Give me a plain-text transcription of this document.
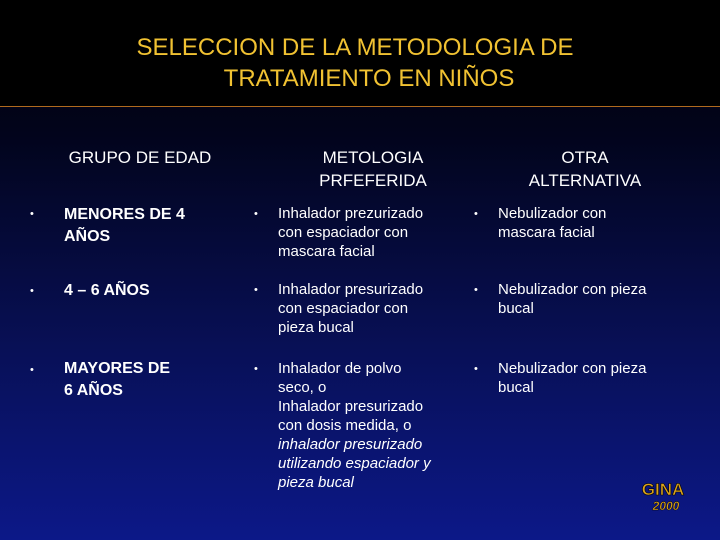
SELECCION DE LA METODOLOGIA DE
TRATAMIENTO EN NIÑOS
GRUPO DE EDAD	METOLOGIA
PRFEFERIDA
OTRA
ALTERNATIVA
• MENORES DE 4
AÑOS
• Inhalador prezurizado
con espaciador con
mascara facial
• Nebulizador con
mascara facial
• 4 – 6 AÑOS	• Inhalador presurizado
con espaciador con
pieza bucal
• Nebulizador con pieza
bucal
• MAYORES DE
6 AÑOS
• Inhalador de polvo
seco, o
Inhalador presurizado
con dosis medida, o
inhalador presurizado
utilizando espaciador y
pieza bucal
• Nebulizador con pieza
bucal
GINA
2000
